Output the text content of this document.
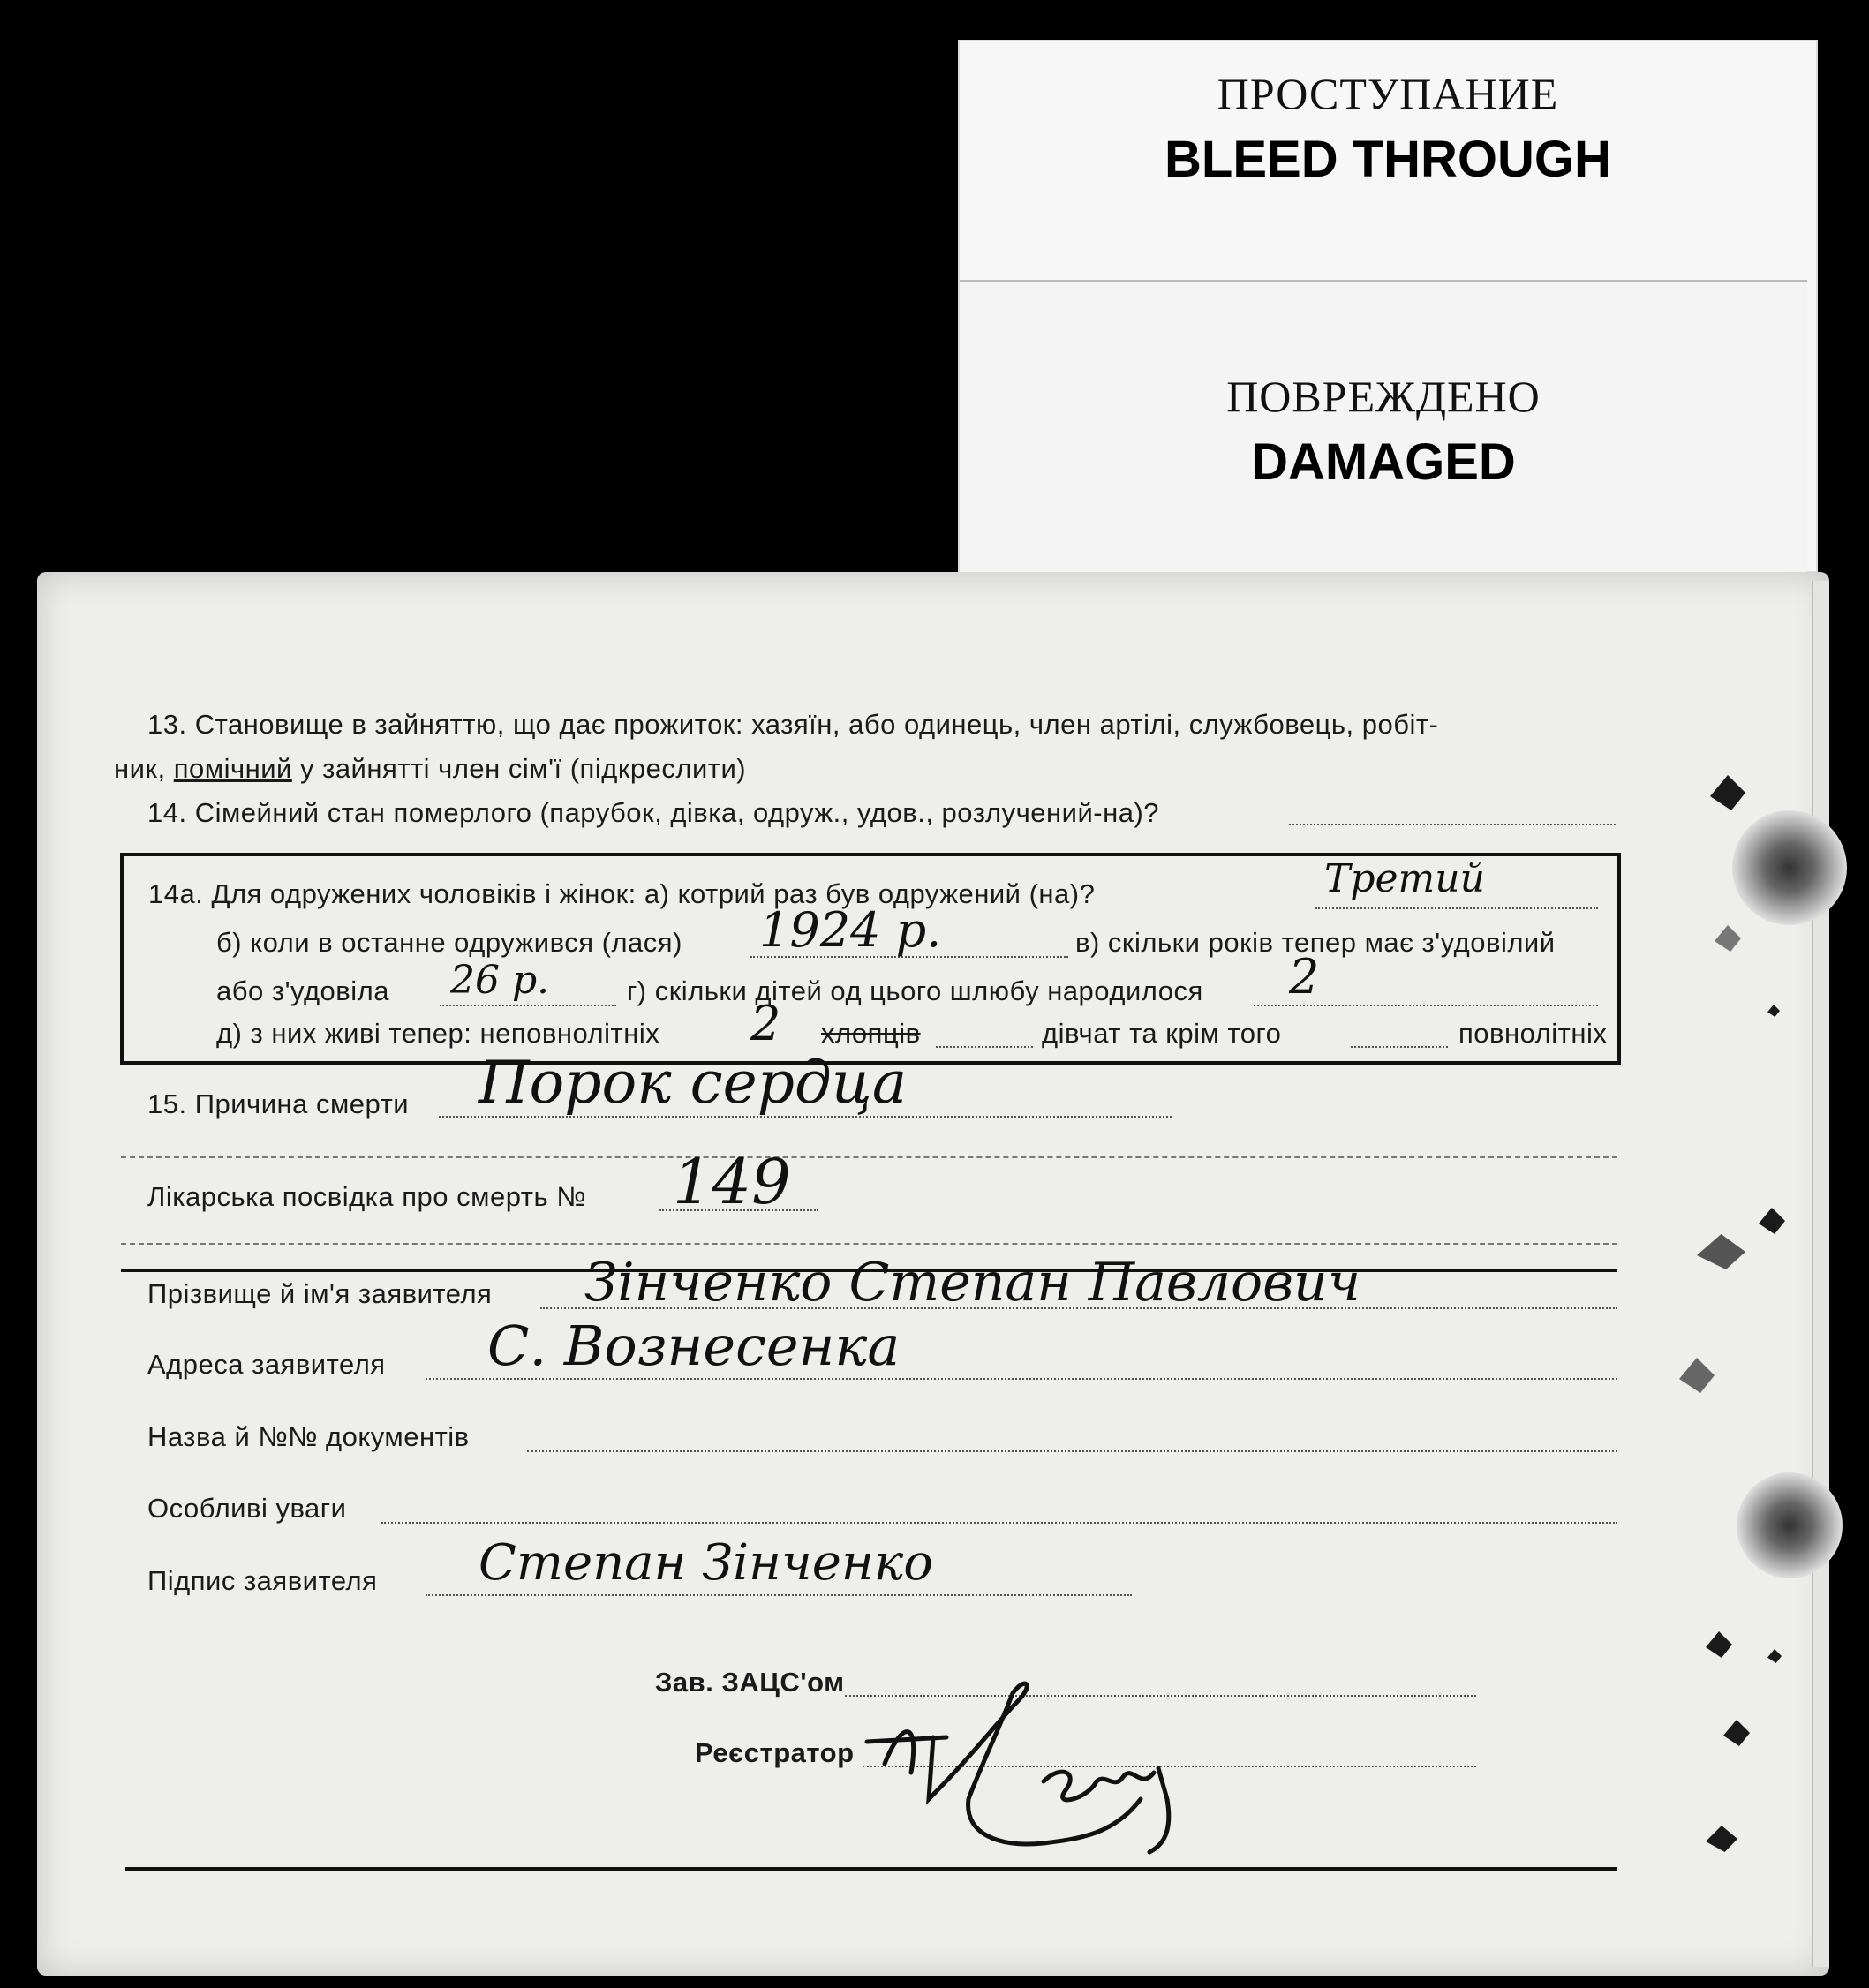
ПРОСТУПАНИЕ
BLEED THROUGH
ПОВРЕЖДЕНО
DAMAGED
13. Становище в зайняттю, що дає прожиток: хазяїн, або одинець, член артілі, службовець, робіт-
ник, помічний у зайнятті член сім'ї (підкреслити)
14. Сімейний стан померлого (парубок, дівка, одруж., удов., розлучений-на)?
14а. Для одружених чоловіків і жінок: а) котрий раз був одружений (на)?	Третий
б) коли в останне одружився (лася) 1924 р.	в) скільки років тепер має з'удовілий
або з'удовіла 26 р.	г) скільки дітей од цього шлюбу народилося 2
д) з них живі тепер: неповнолітніх 2 хлопців	дівчат та крім того	повнолітніх
15. Причина смерти Порок сердца
Лікарська посвідка про смерть № 149
Прізвище й ім'я заявителя Зінченко Степан Павлович
Адреса заявителя С. Вознесенка
Назва й №№ документів
Особливі уваги
Підпис заявителя Степан Зінченко
Зав. ЗАЦС'ом
Реєстратор
